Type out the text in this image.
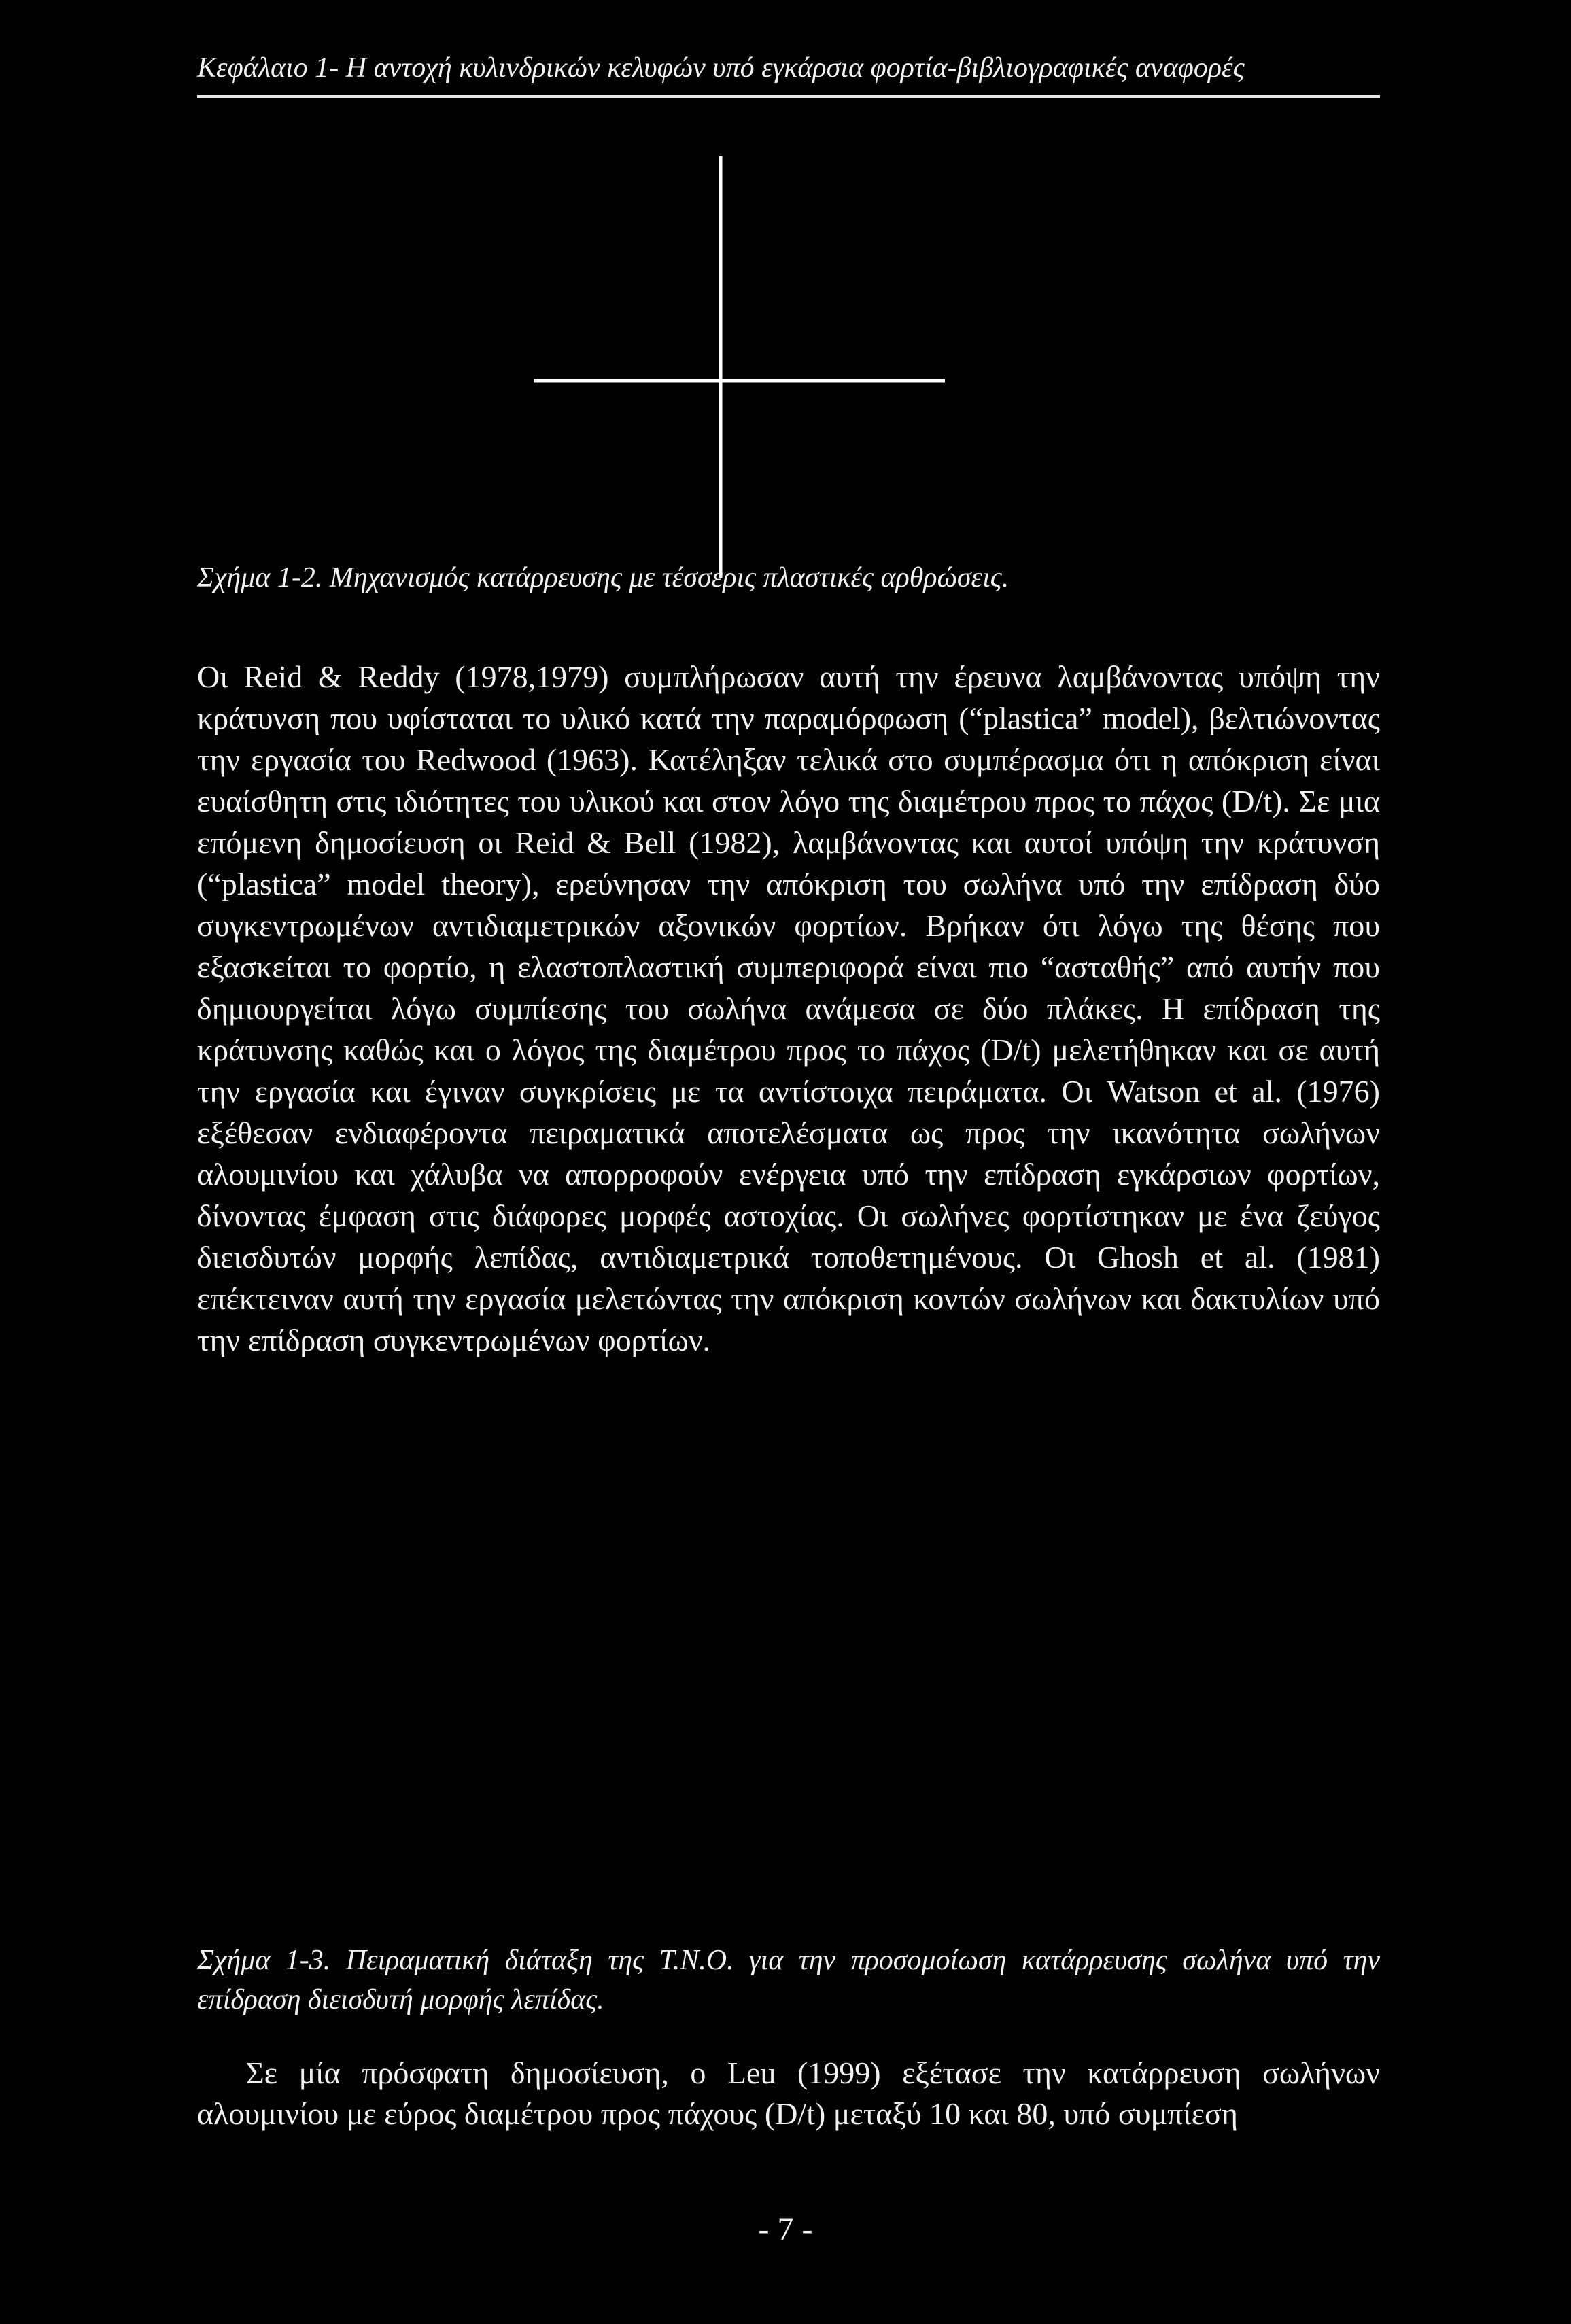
Κεφάλαιο 1- Η αντοχή κυλινδρικών κελυφών υπό εγκάρσια φορτία-βιβλιογραφικές αναφορές
Σχήμα 1-2. Μηχανισμός κατάρρευσης με τέσσερις πλαστικές αρθρώσεις.
Οι Reid & Reddy (1978,1979) συμπλήρωσαν αυτή την έρευνα λαμβάνοντας υπόψη την κράτυνση που υφίσταται το υλικό κατά την παραμόρφωση (“plastica” model), βελτιώνοντας την εργασία του Redwood (1963). Κατέληξαν τελικά στο συμπέρασμα ότι η απόκριση είναι ευαίσθητη στις ιδιότητες του υλικού και στον λόγο της διαμέτρου προς το πάχος (D/t). Σε μια επόμενη δημοσίευση οι Reid & Bell (1982), λαμβάνοντας και αυτοί υπόψη την κράτυνση (“plastica” model theory), ερεύνησαν την απόκριση του σωλήνα υπό την επίδραση δύο συγκεντρωμένων αντιδιαμετρικών αξονικών φορτίων. Βρήκαν ότι λόγω της θέσης που εξασκείται το φορτίο, η ελαστοπλαστική συμπεριφορά είναι πιο “ασταθής” από αυτήν που δημιουργείται λόγω συμπίεσης του σωλήνα ανάμεσα σε δύο πλάκες. Η επίδραση της κράτυνσης καθώς και ο λόγος της διαμέτρου προς το πάχος (D/t) μελετήθηκαν και σε αυτή την εργασία και έγιναν συγκρίσεις με τα αντίστοιχα πειράματα. Οι Watson et al. (1976) εξέθεσαν ενδιαφέροντα πειραματικά αποτελέσματα ως προς την ικανότητα σωλήνων αλουμινίου και χάλυβα να απορροφούν ενέργεια υπό την επίδραση εγκάρσιων φορτίων, δίνοντας έμφαση στις διάφορες μορφές αστοχίας. Οι σωλήνες φορτίστηκαν με ένα ζεύγος διεισδυτών μορφής λεπίδας, αντιδιαμετρικά τοποθετημένους. Οι Ghosh et al. (1981) επέκτειναν αυτή την εργασία μελετώντας την απόκριση κοντών σωλήνων και δακτυλίων υπό την επίδραση συγκεντρωμένων φορτίων.
Σχήμα 1-3. Πειραματική διάταξη της Τ.Ν.Ο. για την προσομοίωση κατάρρευσης σωλήνα υπό την επίδραση διεισδυτή μορφής λεπίδας.
Σε μία πρόσφατη δημοσίευση, ο Leu (1999) εξέτασε την κατάρρευση σωλήνων αλουμινίου με εύρος διαμέτρου προς πάχους (D/t) μεταξύ 10 και 80, υπό συμπίεση
- 7 -
